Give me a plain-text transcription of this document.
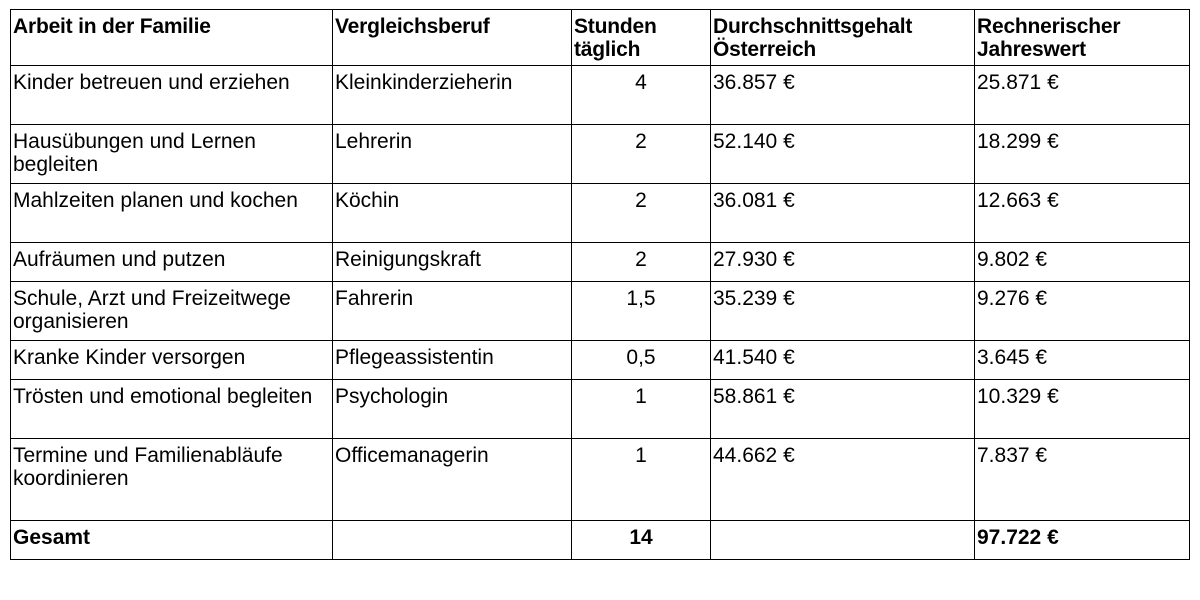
Arbeit in der Familie	Vergleichsberuf	Stunden täglich	Durchschnittsgehalt Österreich	Rechnerischer Jahreswert
Kinder betreuen und erziehen	Kleinkinderzieherin	4	36.857 €	25.871 €
Hausübungen und Lernen begleiten	Lehrerin	2	52.140 €	18.299 €
Mahlzeiten planen und kochen	Köchin	2	36.081 €	12.663 €
Aufräumen und putzen	Reinigungskraft	2	27.930 €	9.802 €
Schule, Arzt und Freizeitwege organisieren	Fahrerin	1,5	35.239 €	9.276 €
Kranke Kinder versorgen	Pflegeassistentin	0,5	41.540 €	3.645 €
Trösten und emotional begleiten	Psychologin	1	58.861 €	10.329 €
Termine und Familienabläufe koordinieren	Officemanagerin	1	44.662 €	7.837 €
Gesamt		14		97.722 €
